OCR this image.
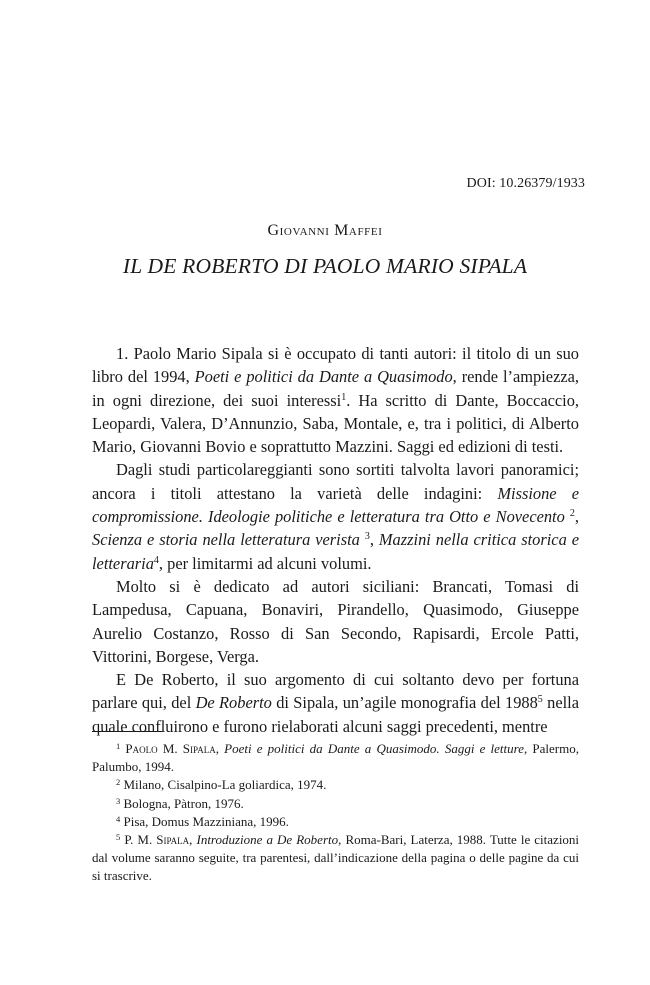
DOI: 10.26379/1933
Giovanni Maffei
IL DE ROBERTO DI PAOLO MARIO SIPALA

1. Paolo Mario Sipala si è occupato di tanti autori: il titolo di un suo libro del 1994, Poeti e politici da Dante a Quasimodo, rende l’ampiezza, in ogni direzione, dei suoi interessi$^1$. Ha scritto di Dante, Boccaccio, Leopardi, Valera, D’Annunzio, Saba, Montale, e, tra i politici, di Alberto Mario, Giovanni Bovio e soprattutto Mazzini. Saggi ed edizioni di testi.

Dagli studi particolareggianti sono sortiti talvolta lavori panoramici; ancora i titoli attestano la varietà delle indagini: Missione e compromissione. Ideologie politiche e letteratura tra Otto e Novecento $^2$, Scienza e storia nella letteratura verista $^3$, Mazzini nella critica storica e letteraria$^4$, per limitarmi ad alcuni volumi.

Molto si è dedicato ad autori siciliani: Brancati, Tomasi di Lampedusa, Capuana, Bonaviri, Pirandello, Quasimodo, Giuseppe Aurelio Costanzo, Rosso di San Secondo, Rapisardi, Ercole Patti, Vittorini, Borgese, Verga.

E De Roberto, il suo argomento di cui soltanto devo per fortuna parlare qui, del De Roberto di Sipala, un’agile monografia del 1988$^5$ nella quale confluirono e furono rielaborati alcuni saggi precedenti, mentre

$^1$ Paolo M. Sipala, Poeti e politici da Dante a Quasimodo. Saggi e letture, Palermo, Palumbo, 1994.

$^2$ Milano, Cisalpino-La goliardica, 1974.

$^3$ Bologna, Pàtron, 1976.

$^4$ Pisa, Domus Mazziniana, 1996.

$^5$ P. M. Sipala, Introduzione a De Roberto, Roma-Bari, Laterza, 1988. Tutte le citazioni dal volume saranno seguite, tra parentesi, dall’indicazione della pagina o delle pagine da cui si trascrive.
